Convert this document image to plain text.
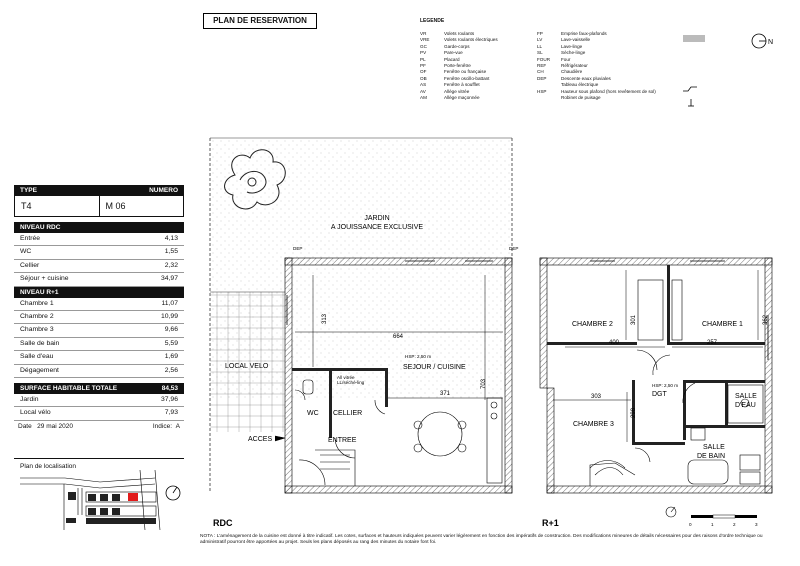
PLAN DE RESERVATION	LEGENDE
VR	Volets roulants
VRE	Volets roulants électriques
GC	Garde-corps
PV	Pare-vue
PL	Placard
PF	Porte-fenêtre
OF	Fenêtre ou française
OB	Fenêtre oscillo-battant
AS	Fenêtre à soufflet
AV	Allège vitrée
AM	Allège maçonnée
FP	Emprise faux-plafonds
LV	Lave-vaisselle
LL	Lave-linge
SL	Sèche-linge
FOUR Four
REF	Réfrigérateur
CH	Chaudière
DEP	Descente eaux pluviales
Tableau électrique
HSP	Hauteur sous plafond (hors revêtement de sol)
Robinet de puisage
N
TYPE	NUMERO
T4	M 06
NIVEAU RDC
Entrée	4,13
WC	1,55
Cellier	2,32
Séjour + cuisine	34,97
NIVEAU R+1
Chambre 1	11,07
Chambre 2	10,99
Chambre 3	9,66
Salle de bain	5,59
Salle d'eau	1,69
Dégagement	2,56
SURFACE HABITABLE TOTALE	84,53
Jardin	37,96
Local vélo	7,93
Date 29 mai 2020	Indice: A
Plan de localisation
JARDIN
A JOUISSANCE EXCLUSIVE
DEP	DEP
LOCAL VELO
313
664
371
703
HSP: 2,50 m
SEJOUR / CUISINE
All vitrée
LL/séché-ling
WC CELLIER
ENTREE
ACCES
RDC
400	257
303
301	362
298
CHAMBRE 2	CHAMBRE 1
CHAMBRE 3
HSP: 2,50 m
DGT	SALLE
D'EAU
SALLE
DE BAIN
R+1	0	1	2	3
NOTA : L'aménagement de la cuisine est donné à titre indicatif. Les cotes, surfaces et hauteurs indiquées peuvent varier légèrement en fonction des impératifs de construction. Des modifications mineures de détails nécessaires pour des raisons d'ordre technique ou administratif pourront être apportées au projet. Seuls les plans déposés au rang des minutes du notaire font foi.
